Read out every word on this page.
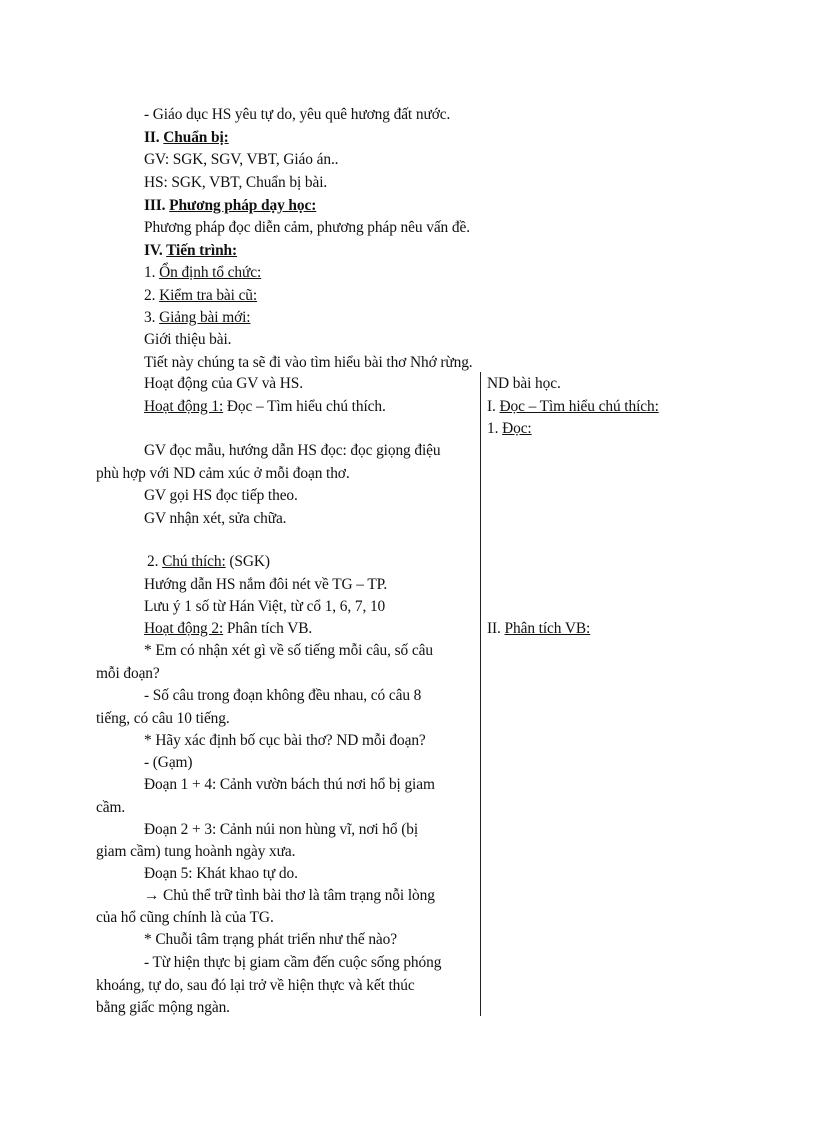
- Giáo dục HS yêu tự do, yêu quê hương đất nước.
II. Chuẩn bị:
GV: SGK, SGV, VBT, Giáo án..
HS: SGK, VBT, Chuẩn bị bài.
III. Phương pháp dạy học:
Phương pháp đọc diễn cảm, phương pháp nêu vấn đề.
IV. Tiến trình:
1. Ổn định tổ chức:
2. Kiểm tra bài cũ:
3. Giảng bài mới:
Giới thiệu bài.
Tiết này chúng ta sẽ đi vào tìm hiểu bài thơ Nhớ rừng.
Hoạt động của GV và HS.
Hoạt động 1: Đọc – Tìm hiểu chú thích.
GV đọc mẫu, hướng dẫn HS đọc: đọc giọng điệu
phù hợp với ND cảm xúc ở mỗi đoạn thơ.
GV gọi HS đọc tiếp theo.
GV nhận xét, sửa chữa.
2. Chú thích: (SGK)
Hướng dẫn HS nắm đôi nét về TG – TP.
Lưu ý 1 số từ Hán Việt, từ cổ 1, 6, 7, 10
Hoạt động 2: Phân tích VB.
* Em có nhận xét gì về số tiếng mỗi câu, số câu
mỗi đoạn?
- Số câu trong đoạn không đều nhau, có câu 8
tiếng, có câu 10 tiếng.
* Hãy xác định bố cục bài thơ? ND mỗi đoạn?
- (Gạm)
Đoạn 1 + 4: Cảnh vườn bách thú nơi hổ bị giam
cầm.
Đoạn 2 + 3: Cảnh núi non hùng vĩ, nơi hổ (bị
giam cầm) tung hoành ngày xưa.
Đoạn 5: Khát khao tự do.
→ Chủ thể trữ tình bài thơ là tâm trạng nỗi lòng
của hổ cũng chính là của TG.
* Chuỗi tâm trạng phát triển như thế nào?
- Từ hiện thực bị giam cầm đến cuộc sống phóng
khoáng, tự do, sau đó lại trở về hiện thực và kết thúc
bằng giấc mộng ngàn.
ND bài học.
I. Đọc – Tìm hiểu chú thích:
1. Đọc:
II. Phân tích VB:
